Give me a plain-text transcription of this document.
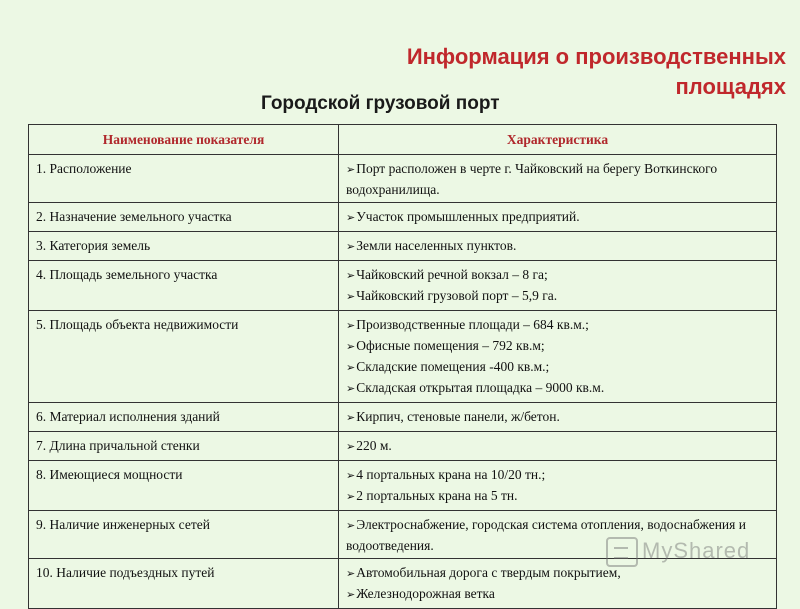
Информация о производственных
площадях
Городской грузовой порт
Наименование показателя	Характеристика
1. Расположение	➢Порт расположен в черте г. Чайковский на берегу Воткинского водохранилища.

2. Назначение земельного участка	➢Участок промышленных предприятий.

3. Категория земель	➢Земли населенных пунктов.

4. Площадь земельного участка	➢Чайковский речной вокзал – 8 га;
➢Чайковский грузовой порт – 5,9 га.

5. Площадь объекта недвижимости	➢Производственные площади – 684 кв.м.;
➢Офисные помещения – 792 кв.м;
➢Складские помещения -400 кв.м.;
➢Складская открытая площадка – 9000 кв.м.

6. Материал исполнения зданий	➢Кирпич, стеновые панели, ж/бетон.

7. Длина причальной стенки	➢220 м.

8. Имеющиеся мощности	➢4 портальных крана на 10/20 тн.;
➢2 портальных крана на 5 тн.

9. Наличие инженерных сетей	➢Электроснабжение, городская система отопления, водоснабжения и водоотведения.

10. Наличие подъездных путей	➢Автомобильная дорога с твердым покрытием,
➢Железнодорожная ветка
MyShared
